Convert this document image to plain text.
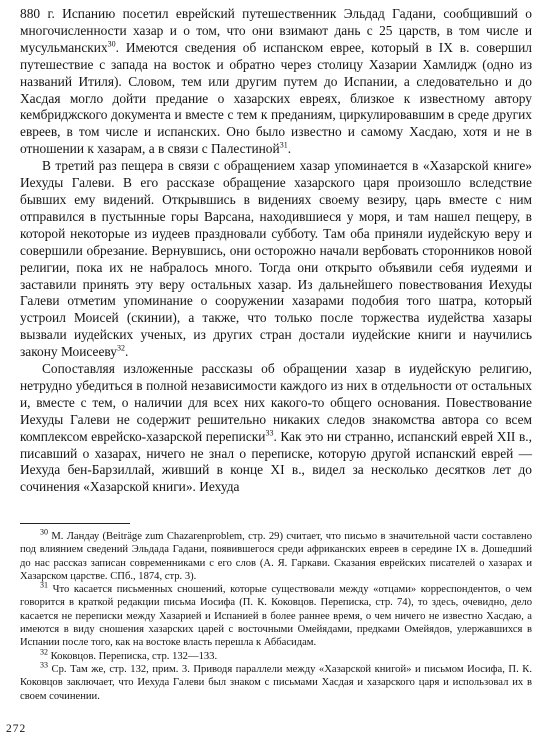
880 г. Испанию посетил еврейский путешественник Эльдад Гадани, сообщивший о многочисленности хазар и о том, что они взимают дань с 25 царств, в том числе и мусульманских$^{30}$. Имеются сведения об испанском еврее, который в IX в. совершил путешествие с запада на восток и обратно через столицу Хазарии Хамлидж (одно из названий Итиля). Словом, тем или другим путем до Испании, а следовательно и до Хасдая могло дойти предание о хазарских евреях, близкое к известному автору кембриджского документа и вместе с тем к преданиям, циркулировавшим в среде других евреев, в том числе и испанских. Оно было известно и самому Хасдаю, хотя и не в отношении к хазарам, а в связи с Палестиной$^{31}$.

В третий раз пещера в связи с обращением хазар упоминается в «Хазарской книге» Иехуды Галеви. В его рассказе обращение хазарского царя произошло вследствие бывших ему видений. Открывшись в видениях своему везиру, царь вместе с ним отправился в пустынные горы Варсана, находившиеся у моря, и там нашел пещеру, в которой некоторые из иудеев праздновали субботу. Там оба приняли иудейскую веру и совершили обрезание. Вернувшись, они осторожно начали вербовать сторонников новой религии, пока их не набралось много. Тогда они открыто объявили себя иудеями и заставили принять эту веру остальных хазар. Из дальнейшего повествования Иехуды Галеви отметим упоминание о сооружении хазарами подобия того шатра, который устроил Моисей (скинии), а также, что только после торжества иудейства хазары вызвали иудейских ученых, из других стран достали иудейские книги и научились закону Моисееву$^{32}$.

Сопоставляя изложенные рассказы об обращении хазар в иудейскую религию, нетрудно убедиться в полной независимости каждого из них в отдельности от остальных и, вместе с тем, о наличии для всех них какого-то общего основания. Повествование Иехуды Галеви не содержит решительно никаких следов знакомства автора со всем комплексом еврейско-хазарской переписки$^{33}$. Как это ни странно, испанский еврей XII в., писавший о хазарах, ничего не знал о переписке, которую другой испанский еврей — Иехуда бен-Барзиллай, живший в конце XI в., видел за несколько десятков лет до сочинения «Хазарской книги». Иехуда

$^{30}$ М. Ландау (Beiträge zum Chazarenproblem, стр. 29) считает, что письмо в значительной части составлено под влиянием сведений Эльдада Гадани, появившегося среди африканских евреев в середине IX в. Дошедший до нас рассказ записан современниками с его слов (А. Я. Гаркави. Сказания еврейских писателей о хазарах и Хазарском царстве. СПб., 1874, стр. 3).

$^{31}$ Что касается письменных сношений, которые существовали между «отцами» корреспондентов, о чем говорится в краткой редакции письма Иосифа (П. К. Коковцов. Переписка, стр. 74), то здесь, очевидно, дело касается не переписки между Хазарией и Испанией в более раннее время, о чем ничего не известно Хасдаю, а имеются в виду сношения хазарских царей с восточными Омейядами, предками Омейядов, улержавшихся в Испании после того, как на востоке власть перешла к Аббасидам.

$^{32}$ Коковцов. Переписка, стр. 132—133.

$^{33}$ Ср. Там же, стр. 132, прим. 3. Приводя параллели между «Хазарской книгой» и письмом Иосифа, П. К. Коковцов заключает, что Иехуда Галеви был знаком с письмами Хасдая и хазарского царя и использовал их в своем сочинении.

272
